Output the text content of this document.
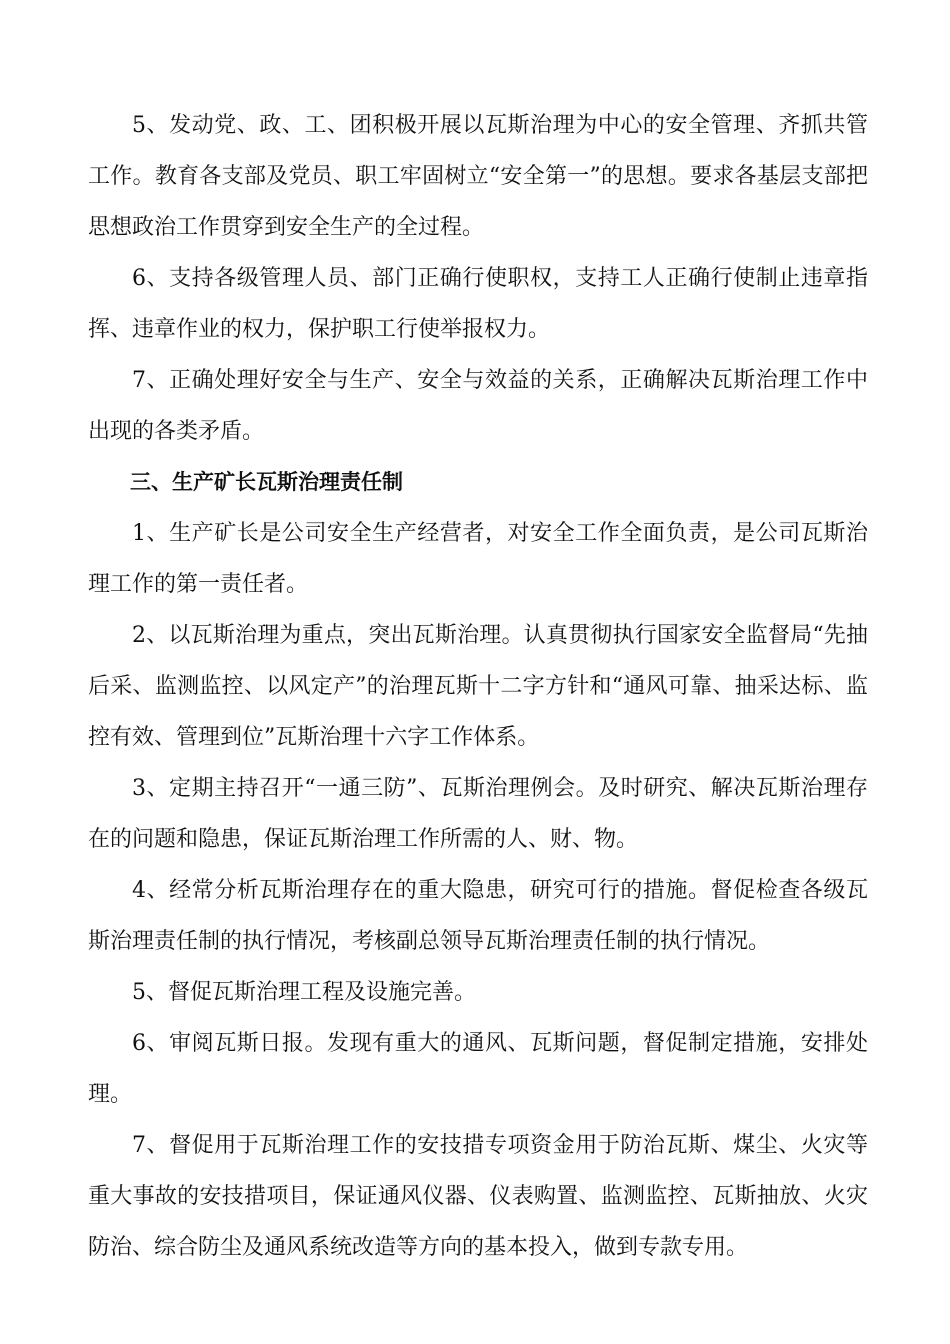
5、发动党、政、工、团积极开展以瓦斯治理为中心的安全管理、齐抓共管工作。教育各支部及党员、职工牢固树立“安全第一”的思想。要求各基层支部把思想政治工作贯穿到安全生产的全过程。

6、支持各级管理人员、部门正确行使职权，支持工人正确行使制止违章指挥、违章作业的权力，保护职工行使举报权力。

7、正确处理好安全与生产、安全与效益的关系，正确解决瓦斯治理工作中出现的各类矛盾。

三、生产矿长瓦斯治理责任制

1、生产矿长是公司安全生产经营者，对安全工作全面负责，是公司瓦斯治理工作的第一责任者。

2、以瓦斯治理为重点，突出瓦斯治理。认真贯彻执行国家安全监督局“先抽后采、监测监控、以风定产”的治理瓦斯十二字方针和“通风可靠、抽采达标、监控有效、管理到位”瓦斯治理十六字工作体系。

3、定期主持召开“一通三防”、瓦斯治理例会。及时研究、解决瓦斯治理存在的问题和隐患，保证瓦斯治理工作所需的人、财、物。

4、经常分析瓦斯治理存在的重大隐患，研究可行的措施。督促检查各级瓦斯治理责任制的执行情况，考核副总领导瓦斯治理责任制的执行情况。

5、督促瓦斯治理工程及设施完善。

6、审阅瓦斯日报。发现有重大的通风、瓦斯问题，督促制定措施，安排处理。

7、督促用于瓦斯治理工作的安技措专项资金用于防治瓦斯、煤尘、火灾等重大事故的安技措项目，保证通风仪器、仪表购置、监测监控、瓦斯抽放、火灾防治、综合防尘及通风系统改造等方向的基本投入，做到专款专用。
